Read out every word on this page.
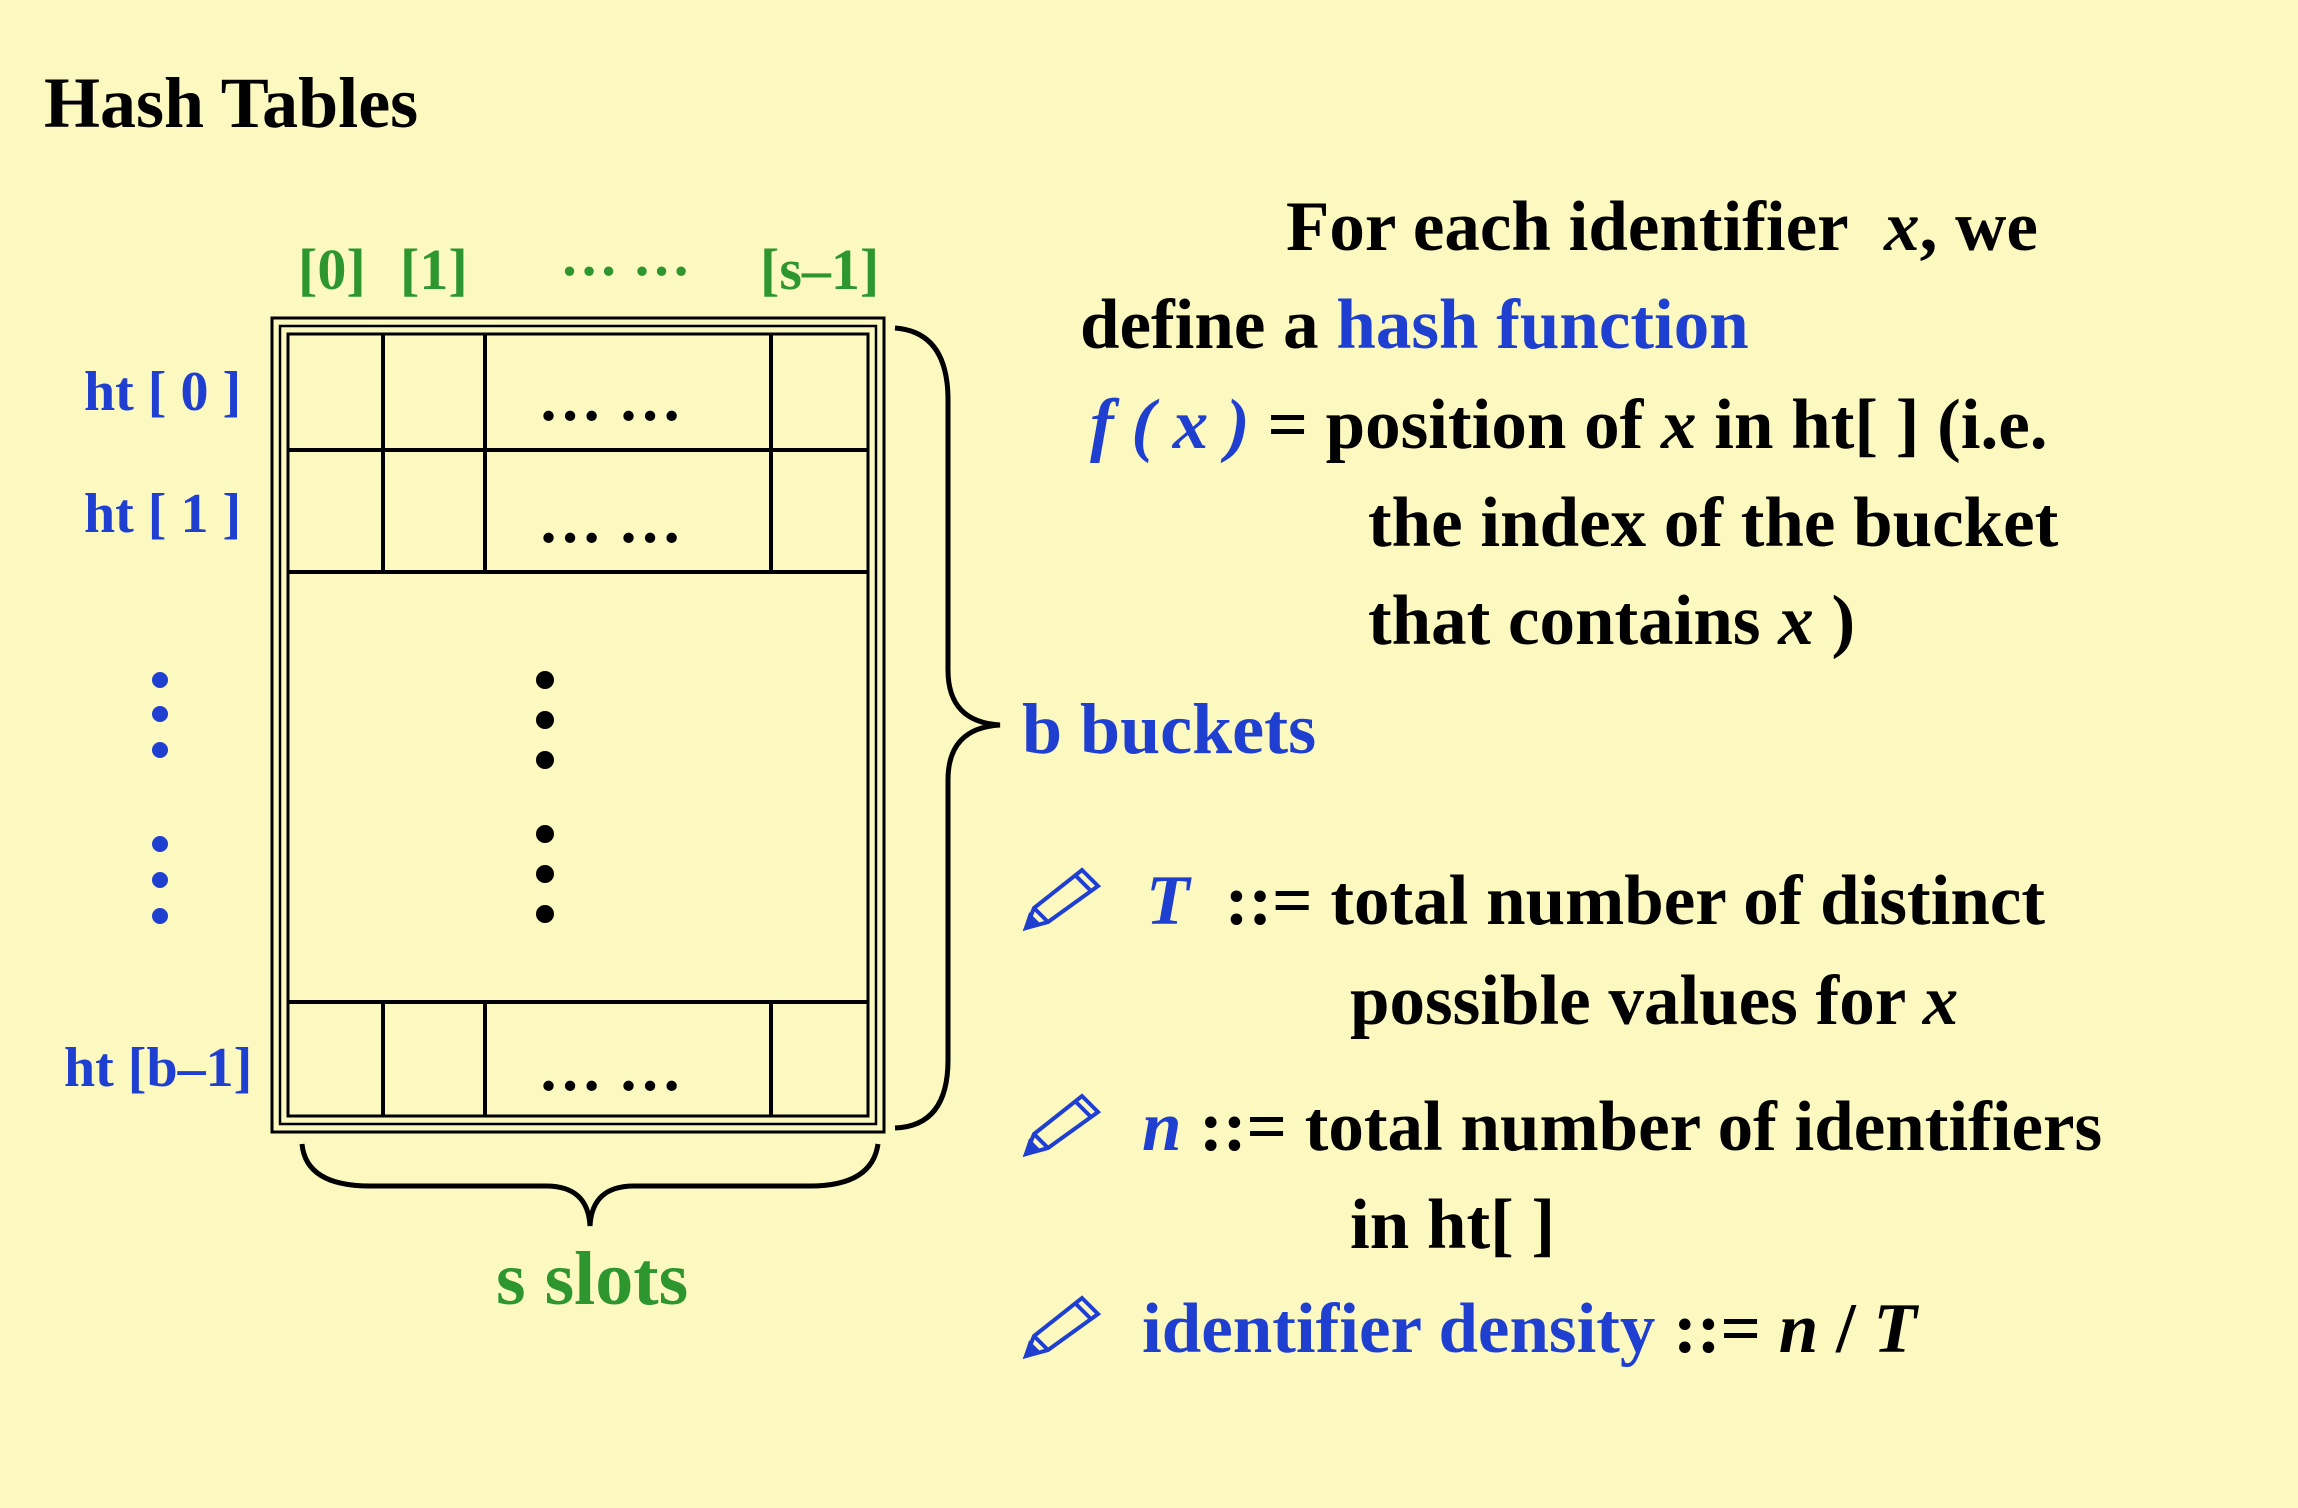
Hash Tables
[0] [1] … … [s–1]
ht [ 0 ]
ht [ 1 ]
ht [b–1]
… …
… …
… …
b buckets
s slots
For each identifier x, we
define a hash function
f ( x ) = position of x in ht[ ] (i.e.
the index of the bucket
that contains x )
T ::= total number of distinct
possible values for x
n ::= total number of identifiers
in ht[ ]
identifier density ::= n / T
